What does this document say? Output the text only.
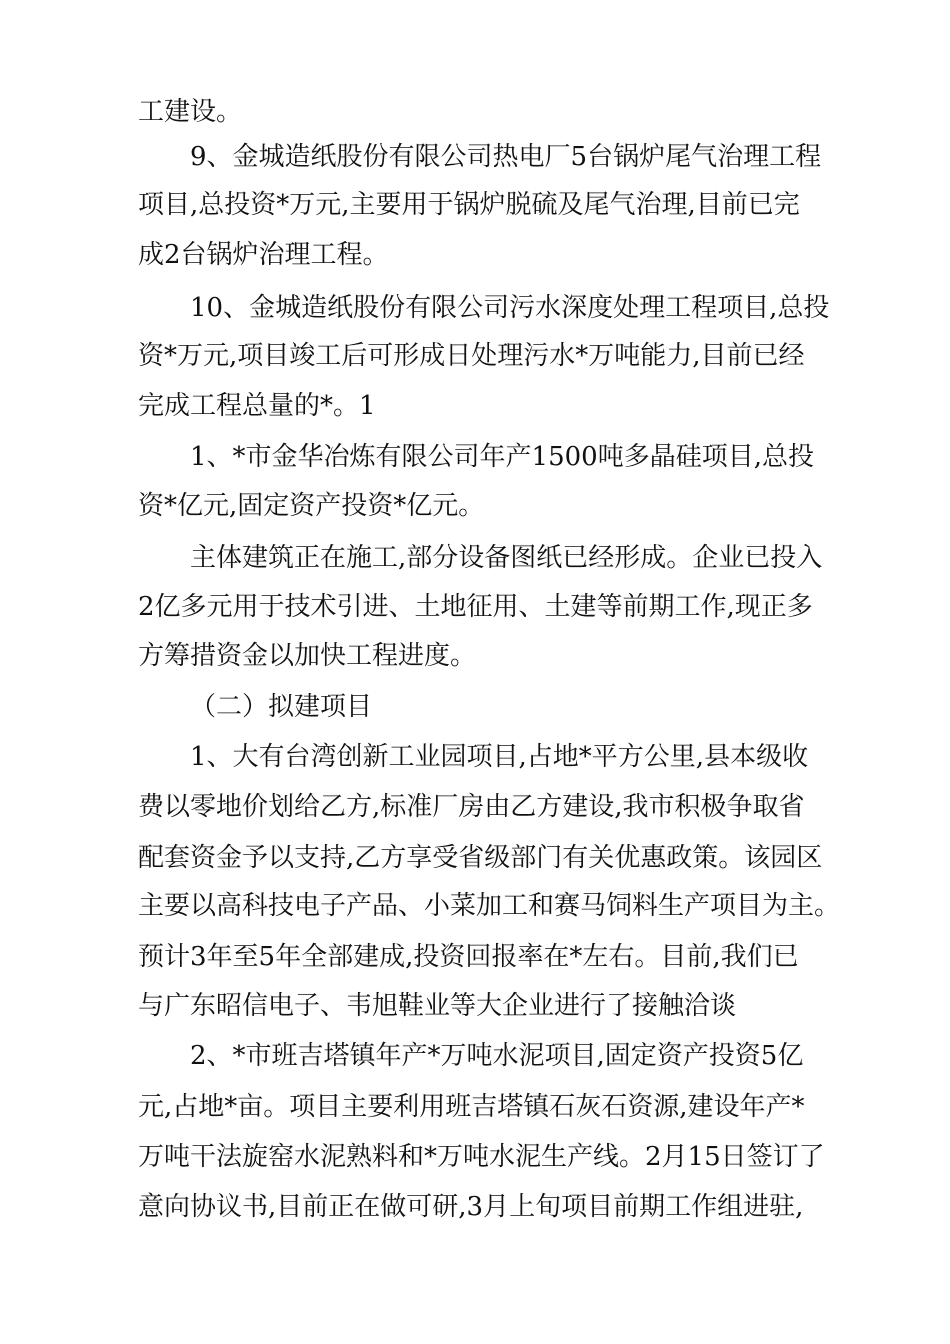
工建设。
9、金城造纸股份有限公司热电厂5台锅炉尾气治理工程
项目,总投资*万元,主要用于锅炉脱硫及尾气治理,目前已完
成2台锅炉治理工程。
10、金城造纸股份有限公司污水深度处理工程项目,总投
资*万元,项目竣工后可形成日处理污水*万吨能力,目前已经
完成工程总量的*。1
1、*市金华冶炼有限公司年产1500吨多晶硅项目,总投
资*亿元,固定资产投资*亿元。
主体建筑正在施工,部分设备图纸已经形成。企业已投入
2亿多元用于技术引进、土地征用、土建等前期工作,现正多
方筹措资金以加快工程进度。
（二）拟建项目
1、大有台湾创新工业园项目,占地*平方公里,县本级收
费以零地价划给乙方,标准厂房由乙方建设,我市积极争取省
配套资金予以支持,乙方享受省级部门有关优惠政策。该园区
主要以高科技电子产品、小菜加工和赛马饲料生产项目为主。
预计3年至5年全部建成,投资回报率在*左右。目前,我们已
与广东昭信电子、韦旭鞋业等大企业进行了接触洽谈
2、*市班吉塔镇年产*万吨水泥项目,固定资产投资5亿
元,占地*亩。项目主要利用班吉塔镇石灰石资源,建设年产*
万吨干法旋窑水泥熟料和*万吨水泥生产线。2月15日签订了
意向协议书,目前正在做可研,3月上旬项目前期工作组进驻,
